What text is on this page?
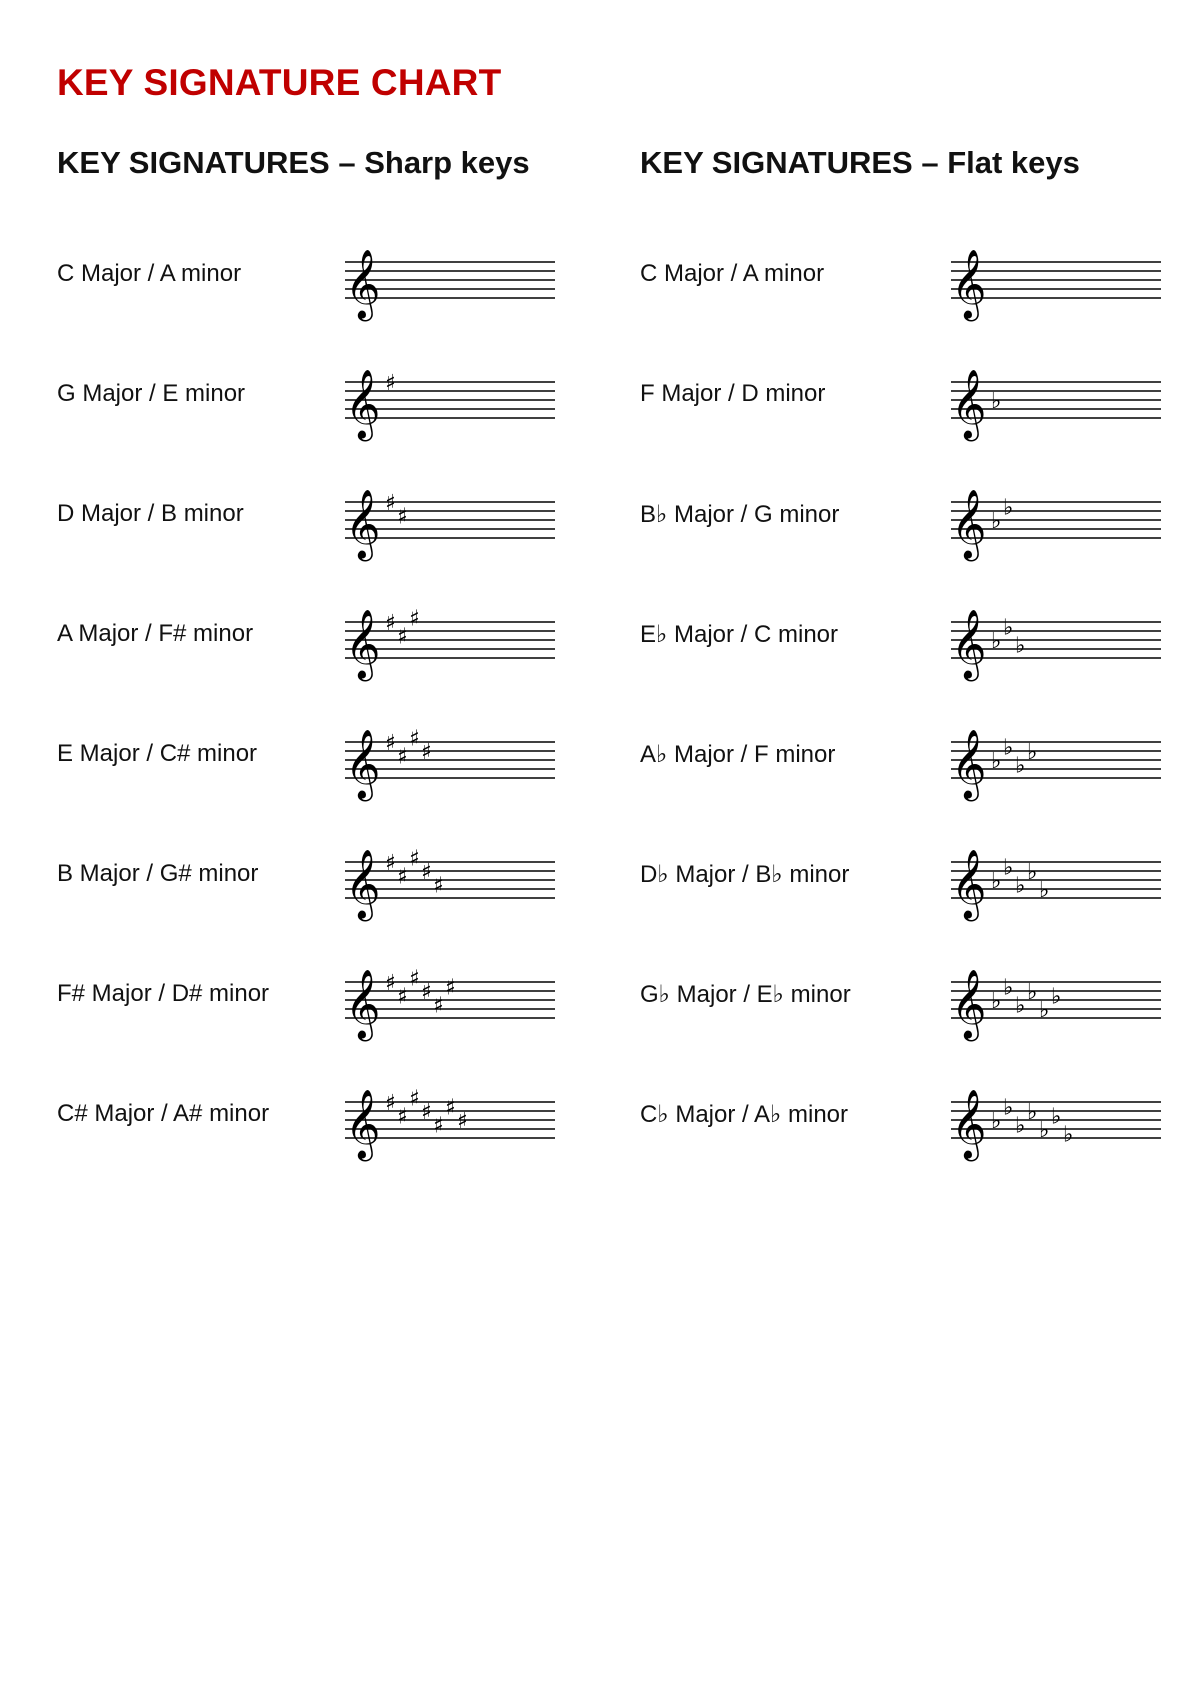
KEY SIGNATURE CHART
KEY SIGNATURES – Sharp keys	KEY SIGNATURES – Flat keys
C Major / A minor 𝄞
G Major / E minor 𝄞 ♯
D Major / B minor 𝄞 ♯
♯
A Major / F# minor 𝄞 ♯
♯
♯
E Major / C# minor 𝄞 ♯
♯
♯
♯
B Major / G# minor 𝄞 ♯
♯
♯
♯
♯
F# Major / D# minor 𝄞 ♯
♯
♯
♯
♯
♯
C# Major / A# minor 𝄞 ♯
♯
♯
♯
♯
♯
♯
C Major / A minor 𝄞
F Major / D minor 𝄞 ♭
B♭ Major / G minor 𝄞 ♭
♭
E♭ Major / C minor 𝄞 ♭
♭
♭
A♭ Major / F minor 𝄞 ♭
♭
♭
♭
D♭ Major / B♭ minor 𝄞 ♭
♭
♭
♭
♭
G♭ Major / E♭ minor 𝄞 ♭
♭
♭
♭
♭
♭
C♭ Major / A♭ minor 𝄞 ♭
♭
♭
♭
♭
♭
♭
